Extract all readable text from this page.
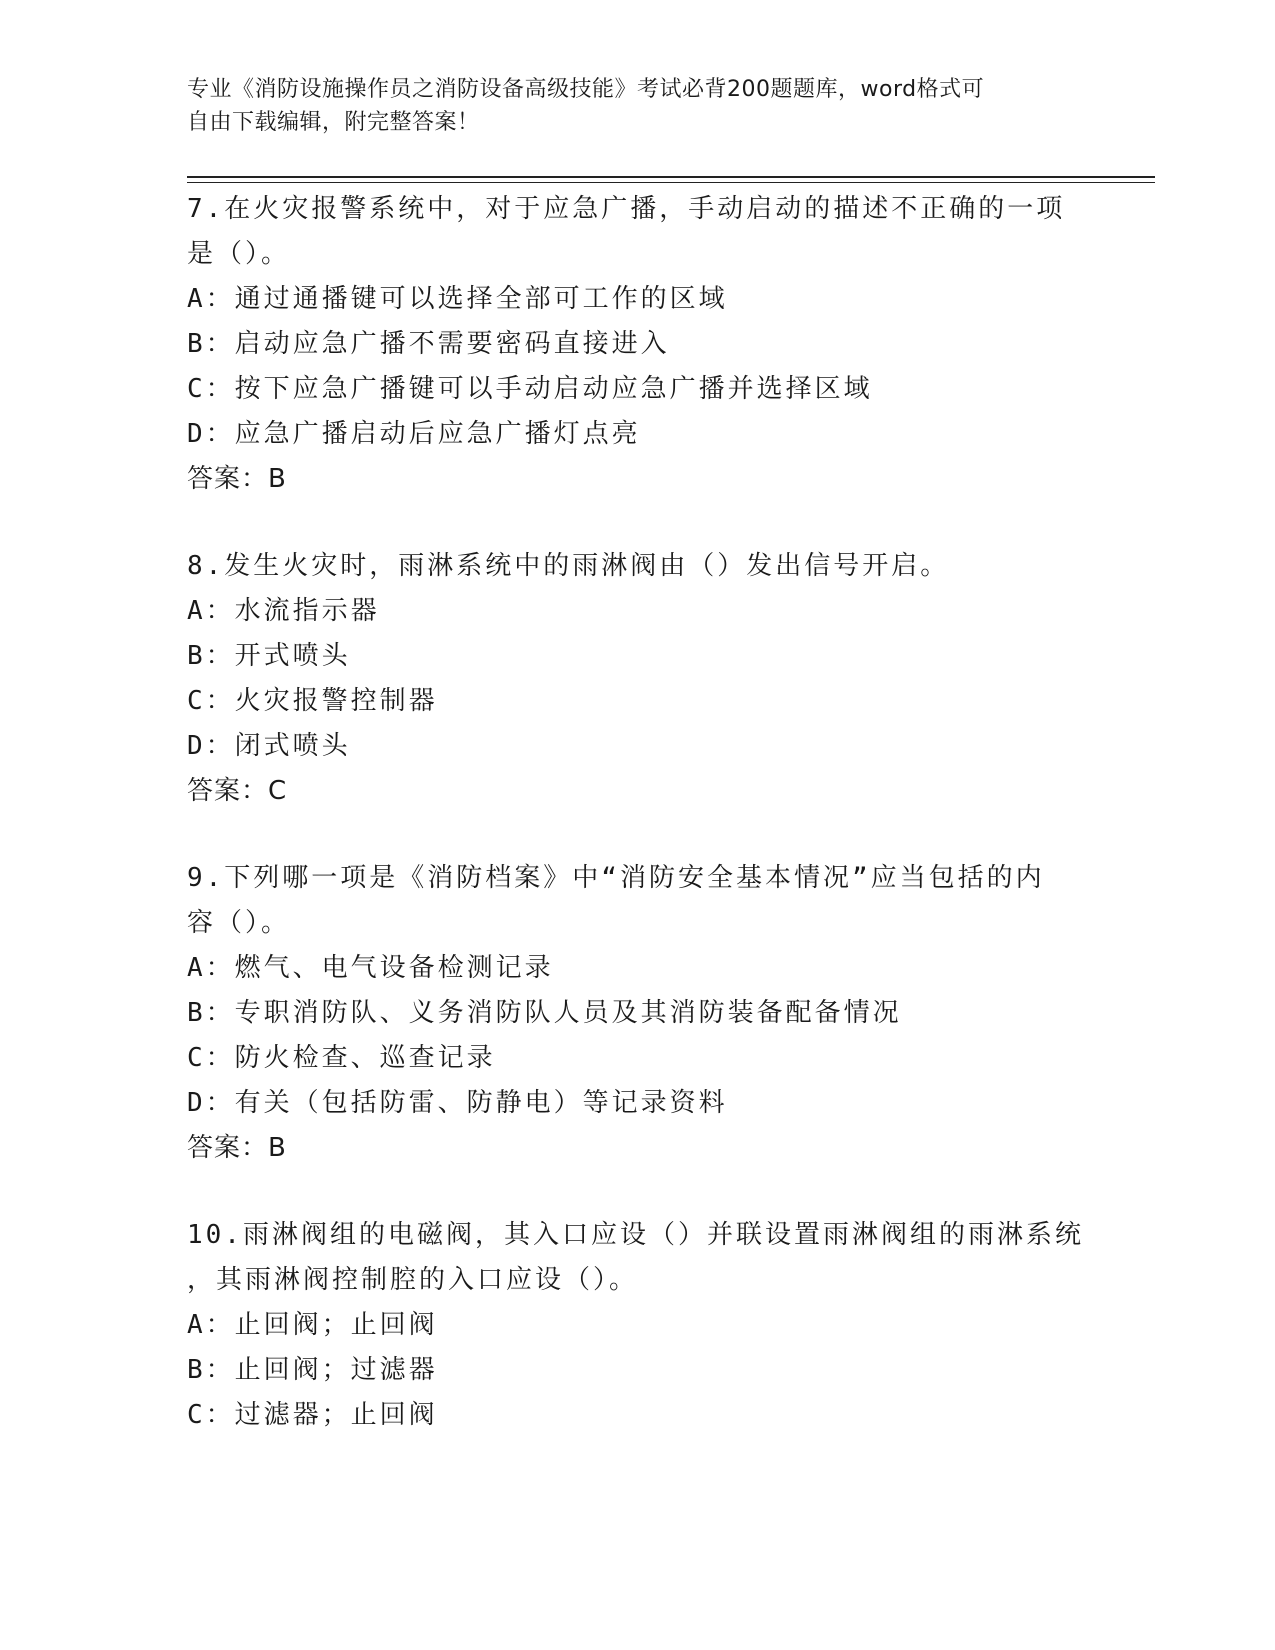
专业《消防设施操作员之消防设备高级技能》考试必背200题题库，word格式可
自由下载编辑，附完整答案！
7.在火灾报警系统中，对于应急广播，手动启动的描述不正确的一项
是（）。
A：通过通播键可以选择全部可工作的区域
B：启动应急广播不需要密码直接进入
C：按下应急广播键可以手动启动应急广播并选择区域
D：应急广播启动后应急广播灯点亮
答案：B
8.发生火灾时，雨淋系统中的雨淋阀由（）发出信号开启。
A：水流指示器
B：开式喷头
C：火灾报警控制器
D：闭式喷头
答案：C
9.下列哪一项是《消防档案》中“消防安全基本情况”应当包括的内
容（）。
A：燃气、电气设备检测记录
B：专职消防队、义务消防队人员及其消防装备配备情况
C：防火检查、巡查记录
D：有关（包括防雷、防静电）等记录资料
答案：B
10.雨淋阀组的电磁阀，其入口应设（）并联设置雨淋阀组的雨淋系统
，其雨淋阀控制腔的入口应设（）。
A：止回阀；止回阀
B：止回阀；过滤器
C：过滤器；止回阀
